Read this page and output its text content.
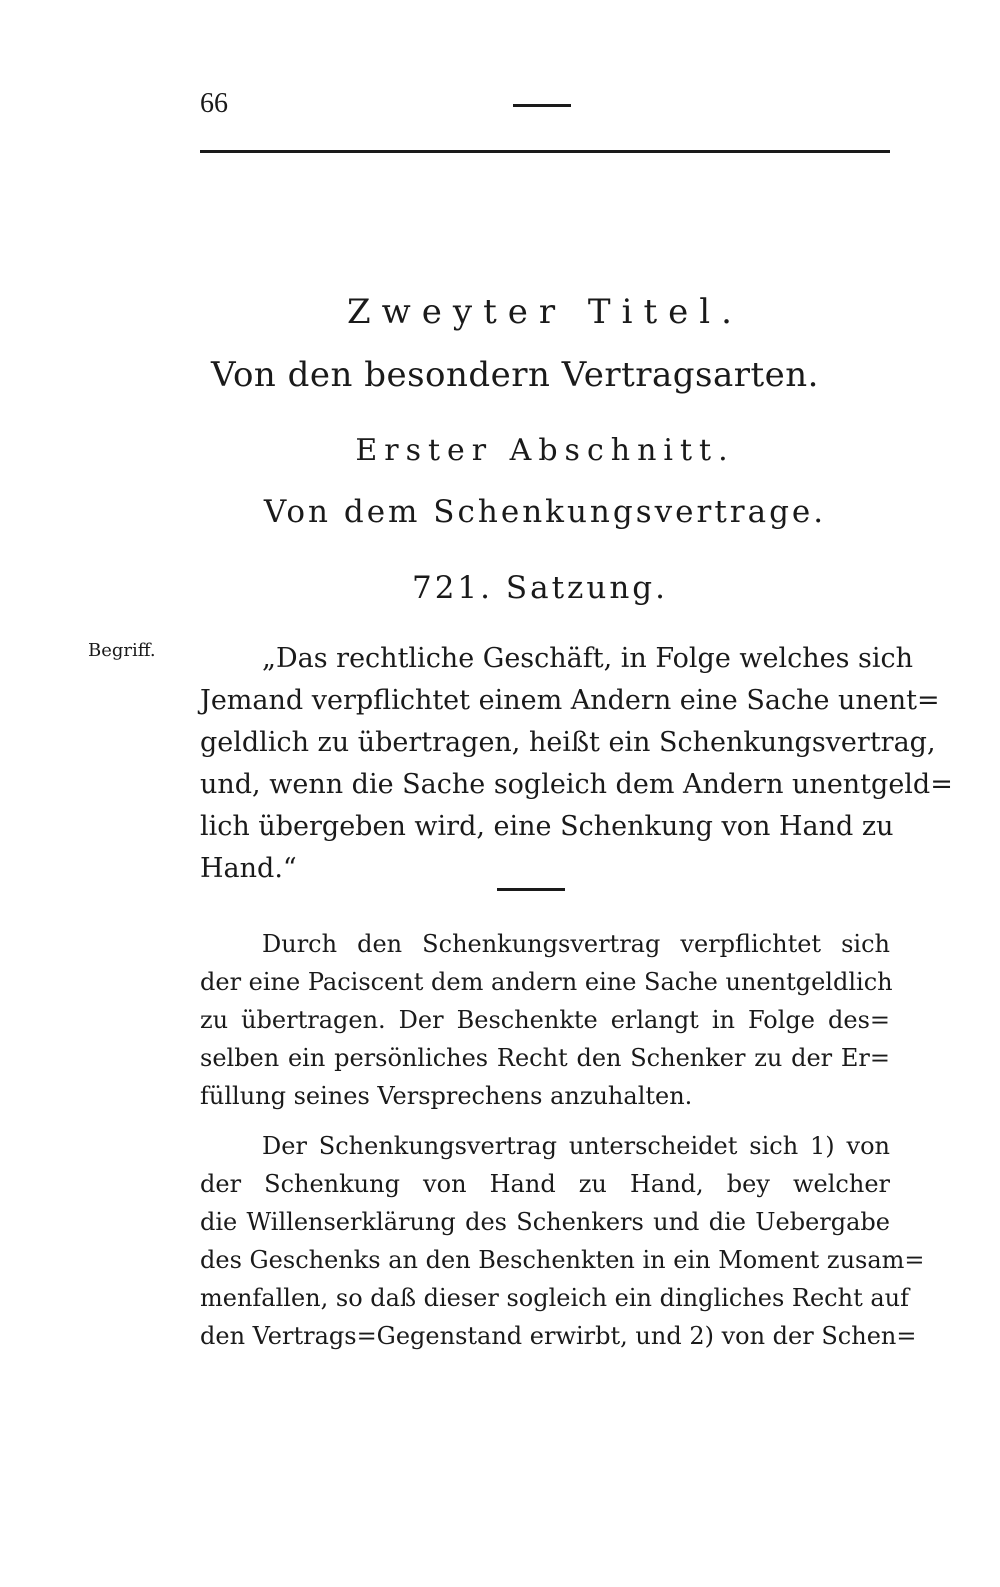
66
Zweyter Titel.
Von den besondern Vertragsarten.
Erster Abschnitt.
Von dem Schenkungsvertrage.
721. Satzung.
Begriff.	„Das rechtliche Geschäft, in Folge welches sich
Jemand verpflichtet einem Andern eine Sache unent=
geldlich zu übertragen, heißt ein Schenkungsvertrag,
und, wenn die Sache sogleich dem Andern unentgeld=
lich übergeben wird, eine Schenkung von Hand zu
Hand.“
Durch den Schenkungsvertrag verpflichtet sich
der eine Paciscent dem andern eine Sache unentgeldlich
zu übertragen. Der Beschenkte erlangt in Folge des=
selben ein persönliches Recht den Schenker zu der Er=
füllung seines Versprechens anzuhalten.
Der Schenkungsvertrag unterscheidet sich 1) von
der Schenkung von Hand zu Hand, bey welcher
die Willenserklärung des Schenkers und die Uebergabe
des Geschenks an den Beschenkten in ein Moment zusam=
menfallen, so daß dieser sogleich ein dingliches Recht auf
den Vertrags=Gegenstand erwirbt, und 2) von der Schen=
